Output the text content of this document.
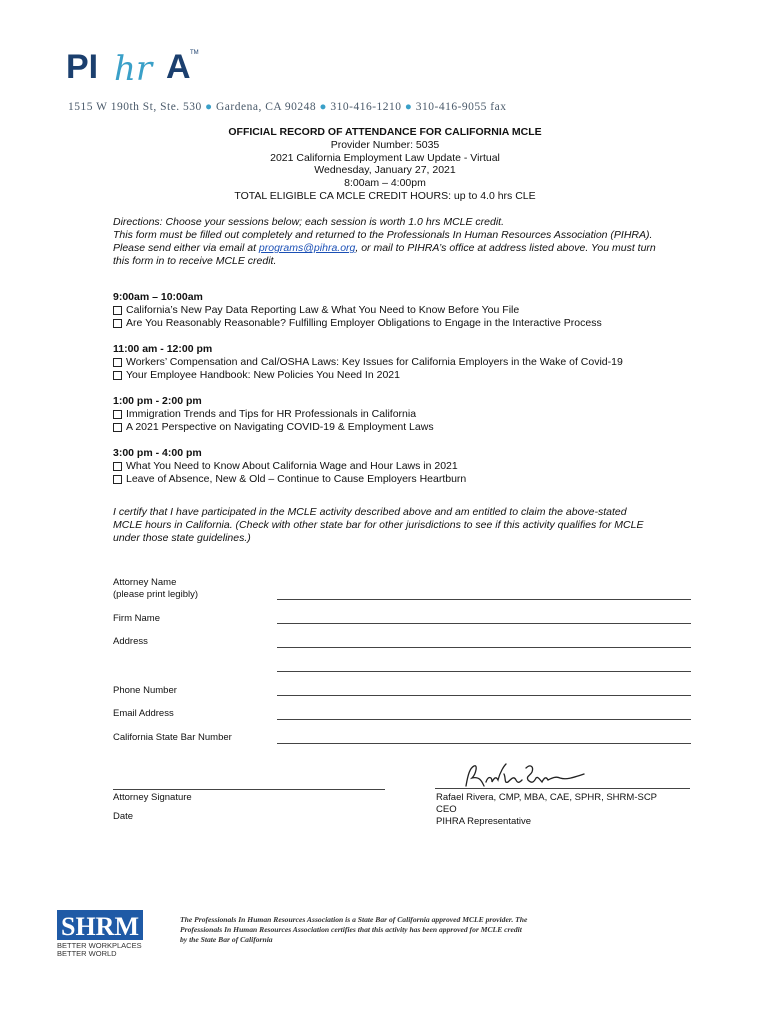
PI hr A TM
1515 W 190th St, Ste. 530 ● Gardena, CA 90248 ● 310-416-1210 ● 310-416-9055 fax
OFFICIAL RECORD OF ATTENDANCE FOR CALIFORNIA MCLE
Provider Number: 5035
2021 California Employment Law Update - Virtual
Wednesday, January 27, 2021
8:00am – 4:00pm
TOTAL ELIGIBLE CA MCLE CREDIT HOURS: up to 4.0 hrs CLE
Directions: Choose your sessions below; each session is worth 1.0 hrs MCLE credit.
This form must be filled out completely and returned to the Professionals In Human Resources Association (PIHRA).
Please send either via email at programs@pihra.org, or mail to PIHRA’s office at address listed above. You must turn
this form in to receive MCLE credit.
9:00am – 10:00am
California’s New Pay Data Reporting Law & What You Need to Know Before You File
Are You Reasonably Reasonable? Fulfilling Employer Obligations to Engage in the Interactive Process
11:00 am - 12:00 pm
Workers’ Compensation and Cal/OSHA Laws: Key Issues for California Employers in the Wake of Covid-19
Your Employee Handbook: New Policies You Need In 2021
1:00 pm - 2:00 pm
Immigration Trends and Tips for HR Professionals in California
A 2021 Perspective on Navigating COVID-19 & Employment Laws
3:00 pm - 4:00 pm
What You Need to Know About California Wage and Hour Laws in 2021
Leave of Absence, New & Old – Continue to Cause Employers Heartburn
I certify that I have participated in the MCLE activity described above and am entitled to claim the above-stated
MCLE hours in California. (Check with other state bar for other jurisdictions to see if this activity qualifies for MCLE
under those state guidelines.)
Attorney Name
(please print legibly)
Firm Name
Address
Phone Number
Email Address
California State Bar Number
Attorney Signature
Date
Rafael Rivera, CMP, MBA, CAE, SPHR, SHRM-SCP
CEO
PIHRA Representative
SHRM
BETTER WORKPLACES
BETTER WORLD
The Professionals In Human Resources Association is a State Bar of California approved MCLE provider. The
Professionals In Human Resources Association certifies that this activity has been approved for MCLE credit
by the State Bar of California
